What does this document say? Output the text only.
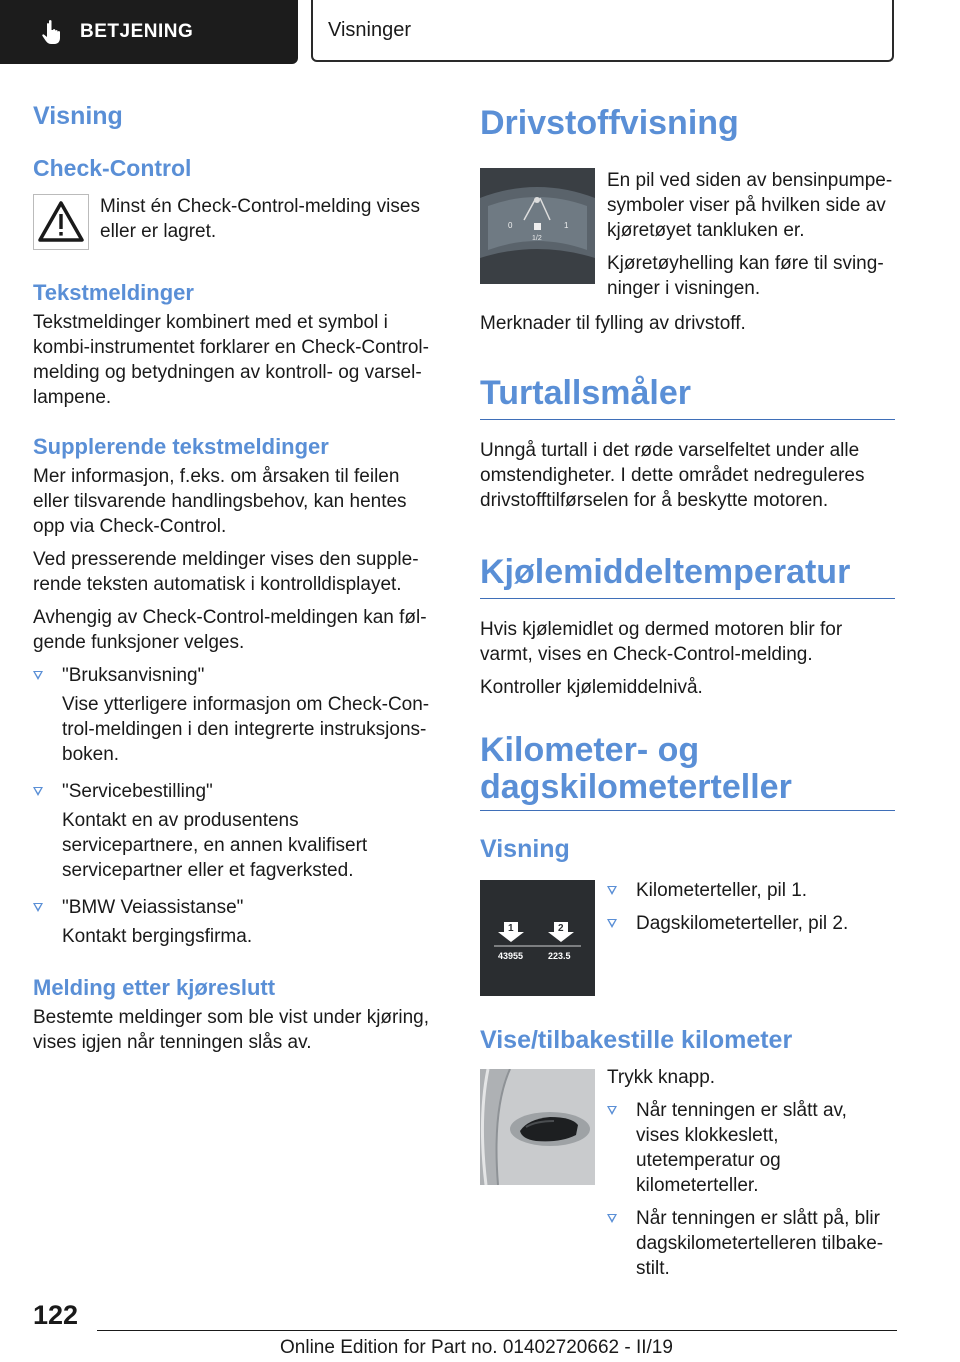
BETJENING	Visninger
Visning
Check-Control

Minst én Check-Control-melding vises eller er lagret.

Tekstmeldinger

Tekstmeldinger kombinert med et symbol i kombi-instrumentet forklarer en Check-Control-melding og betydningen av kontroll- og varsellampene.

Supplerende tekstmeldinger

Mer informasjon, f.eks. om årsaken til feilen eller tilsvarende handlingsbehov, kan hentes opp via Check-Control.

Ved presserende meldinger vises den supplerende teksten automatisk i kontrolldisplayet.

Avhengig av Check-Control-meldingen kan følgende funksjoner velges.

"Bruksanvisning"
Vise ytterligere informasjon om Check-Control-meldingen i den integrerte instruksjonsboken.
"Servicebestilling"
Kontakt en av produsentens servicepartnere, en annen kvalifisert servicepartner eller et fagverksted.
"BMW Veiassistanse"
Kontakt bergingsfirma.
Melding etter kjøreslutt

Bestemte meldinger som ble vist under kjøring, vises igjen når tenningen slås av.

Drivstoffvisning
0
1/2
1

En pil ved siden av bensinpumpesymboler viser på hvilken side av kjøretøyet tankluken er.

Kjøretøyhelling kan føre til svingninger i visningen.

Merknader til fylling av drivstoff.

Turtallsmåler

Unngå turtall i det røde varselfeltet under alle omstendigheter. I dette området nedreguleres drivstofftilførselen for å beskytte motoren.

Kjølemiddeltemperatur

Hvis kjølemidlet og dermed motoren blir for varmt, vises en Check-Control-melding.

Kontroller kjølemiddelnivå.

Kilometer- og
dagskilometerteller
Visning
1	2
43955	223.5
Kilometerteller, pil 1.
Dagskilometerteller, pil 2.
Vise/tilbakestille kilometer

Trykk knapp.

Når tenningen er slått av, vises klokkeslett, utetemperatur og kilometerteller.
Når tenningen er slått på, blir dagskilometertelleren tilbakestilt.
122
Online Edition for Part no. 01402720662 - II/19
